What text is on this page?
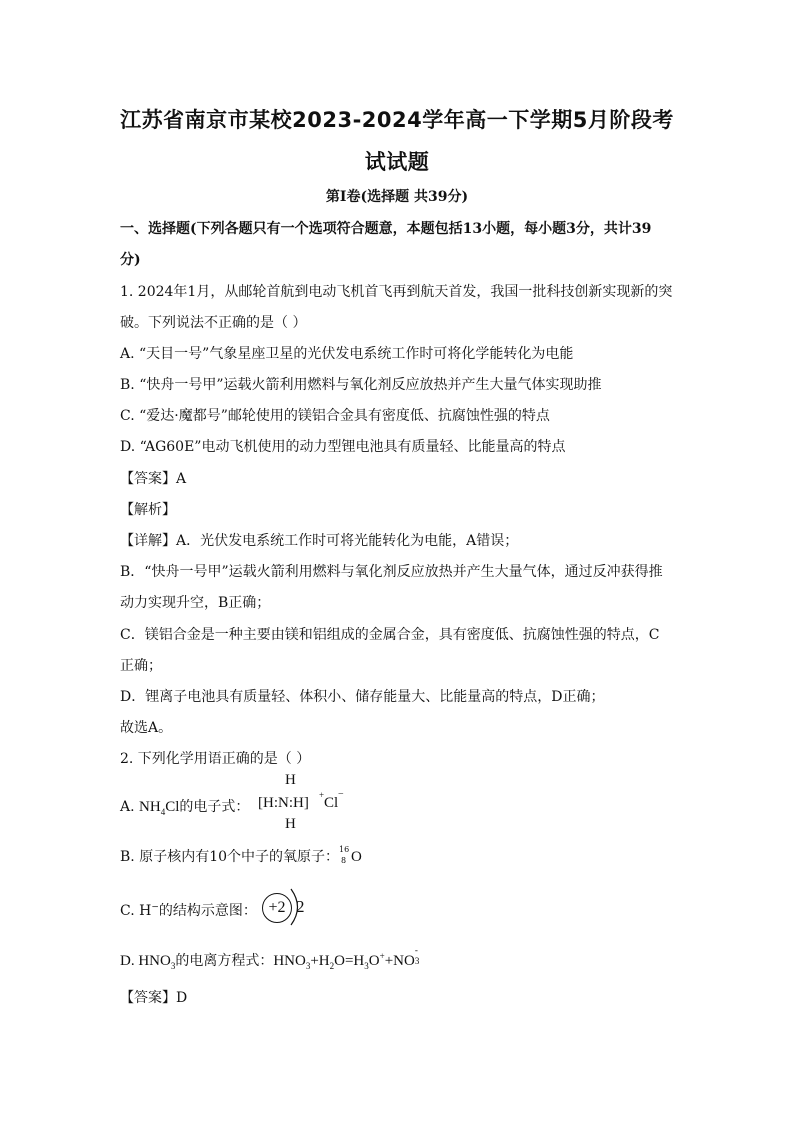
江苏省南京市某校2023-2024学年高一下学期5月阶段考
试试题
第Ⅰ卷(选择题 共39分)
一、选择题(下列各题只有一个选项符合题意，本题包括13小题，每小题3分，共计39
分)
1. 2024年1月，从邮轮首航到电动飞机首飞再到航天首发，我国一批科技创新实现新的突
破。下列说法不正确的是（ ）
A. “天目一号”气象星座卫星的光伏发电系统工作时可将化学能转化为电能
B. “快舟一号甲”运载火箭利用燃料与氧化剂反应放热并产生大量气体实现助推
C. “爱达·魔都号”邮轮使用的镁铝合金具有密度低、抗腐蚀性强的特点
D. “AG60E”电动飞机使用的动力型锂电池具有质量轻、比能量高的特点
【答案】A
【解析】
【详解】A．光伏发电系统工作时可将光能转化为电能，A错误；
B．“快舟一号甲”运载火箭利用燃料与氧化剂反应放热并产生大量气体，通过反冲获得推
动力实现升空，B正确；
C．镁铝合金是一种主要由镁和铝组成的金属合金，具有密度低、抗腐蚀性强的特点，C
正确；
D．锂离子电池具有质量轻、体积小、储存能量大、比能量高的特点，D正确；
故选A。
2. 下列化学用语正确的是（ ）
A. $NH_4Cl$的电子式：
H
[H:N:H] + Cl
−
H
B. 原子核内有10个中子的氧原子： 16
8 O
C. H−的结构示意图： +2 2
D. $HNO_3$的电离方程式：$HNO_3+H_2O=H_3O^++NO$
-
3
【答案】D
